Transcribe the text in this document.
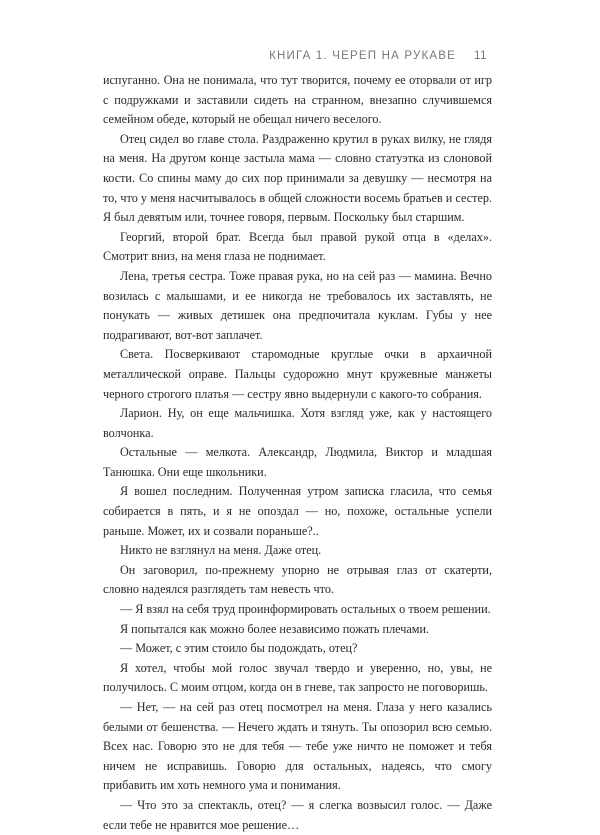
КНИГА 1. ЧЕРЕП НА РУКАВЕ 11

испуганно. Она не понимала, что тут творится, почему ее оторвали от игр с подружками и заставили сидеть на странном, внезапно случившемся семейном обеде, который не обещал ничего веселого.

Отец сидел во главе стола. Раздраженно крутил в руках вилку, не глядя на меня. На другом конце застыла мама — словно статуэтка из слоновой кости. Со спины маму до сих пор принимали за девушку — несмотря на то, что у меня насчитывалось в общей сложности восемь братьев и сестер. Я был девятым или, точнее говоря, первым. Поскольку был старшим.

Георгий, второй брат. Всегда был правой рукой отца в «делах». Смотрит вниз, на меня глаза не поднимает.

Лена, третья сестра. Тоже правая рука, но на сей раз — мамина. Вечно возилась с малышами, и ее никогда не требовалось их заставлять, не понукать — живых детишек она предпочитала куклам. Губы у нее подрагивают, вот-вот заплачет.

Света. Посверкивают старомодные круглые очки в архаичной металлической оправе. Пальцы судорожно мнут кружевные манжеты черного строгого платья — сестру явно выдернули с какого-то собрания.

Ларион. Ну, он еще мальчишка. Хотя взгляд уже, как у настоящего волчонка.

Остальные — мелкота. Александр, Людмила, Виктор и младшая Танюшка. Они еще школьники.

Я вошел последним. Полученная утром записка гласила, что семья собирается в пять, и я не опоздал — но, похоже, остальные успели раньше. Может, их и созвали пораньше?..

Никто не взглянул на меня. Даже отец.

Он заговорил, по-прежнему упорно не отрывая глаз от скатерти, словно надеялся разглядеть там невесть что.

— Я взял на себя труд проинформировать остальных о твоем решении.

Я попытался как можно более независимо пожать плечами.

— Может, с этим стоило бы подождать, отец?

Я хотел, чтобы мой голос звучал твердо и уверенно, но, увы, не получилось. С моим отцом, когда он в гневе, так запросто не поговоришь.

— Нет, — на сей раз отец посмотрел на меня. Глаза у него казались белыми от бешенства. — Нечего ждать и тянуть. Ты опозорил всю семью. Всех нас. Говорю это не для тебя — тебе уже ничто не поможет и тебя ничем не исправишь. Говорю для остальных, надеясь, что смогу прибавить им хоть немного ума и понимания.

— Что это за спектакль, отец? — я слегка возвысил голос. — Даже если тебе не нравится мое решение…
